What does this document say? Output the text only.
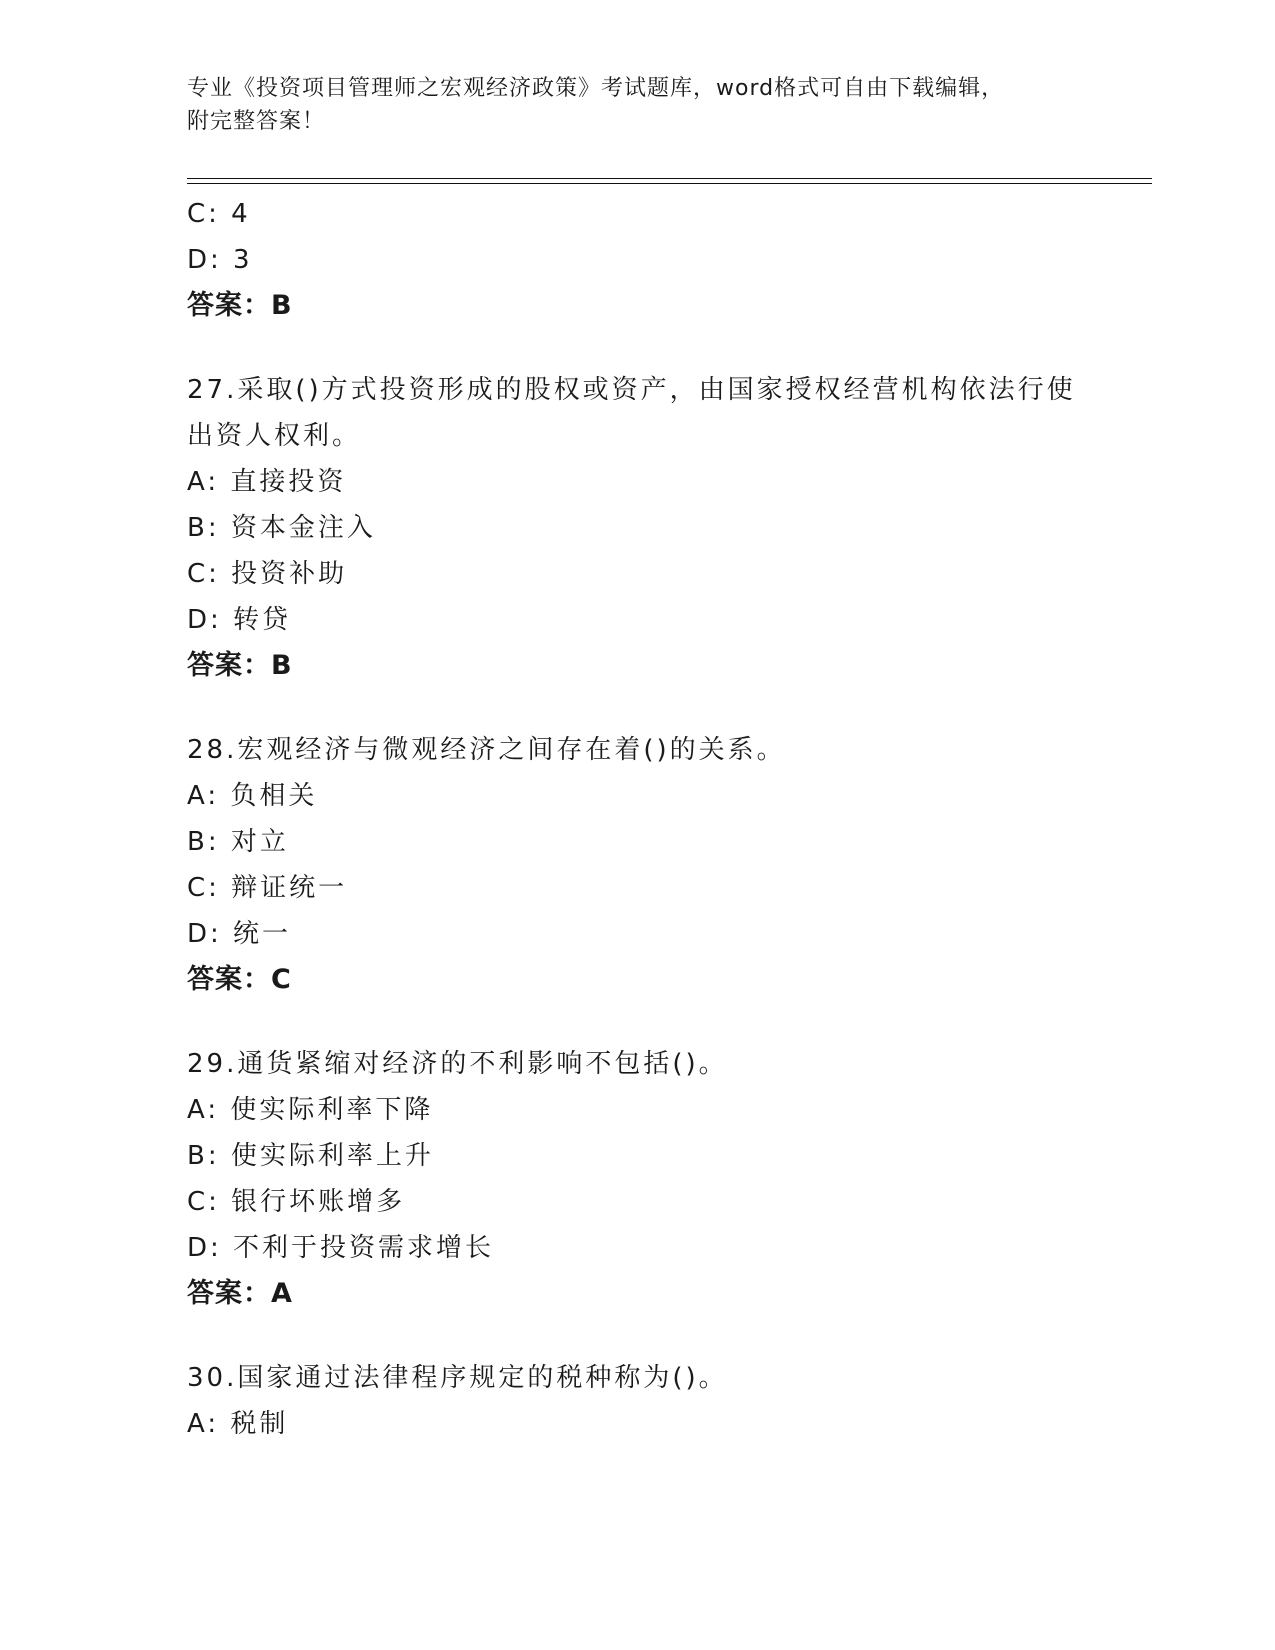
专业《投资项目管理师之宏观经济政策》考试题库，word格式可自由下载编辑，
附完整答案！
C: 4
D: 3
答案：B
27.采取()方式投资形成的股权或资产，由国家授权经营机构依法行使
出资人权利。
A: 直接投资
B: 资本金注入
C: 投资补助
D: 转贷
答案：B
28.宏观经济与微观经济之间存在着()的关系。
A: 负相关
B: 对立
C: 辩证统一
D: 统一
答案：C
29.通货紧缩对经济的不利影响不包括()。
A: 使实际利率下降
B: 使实际利率上升
C: 银行坏账增多
D: 不利于投资需求增长
答案：A
30.国家通过法律程序规定的税种称为()。
A: 税制
